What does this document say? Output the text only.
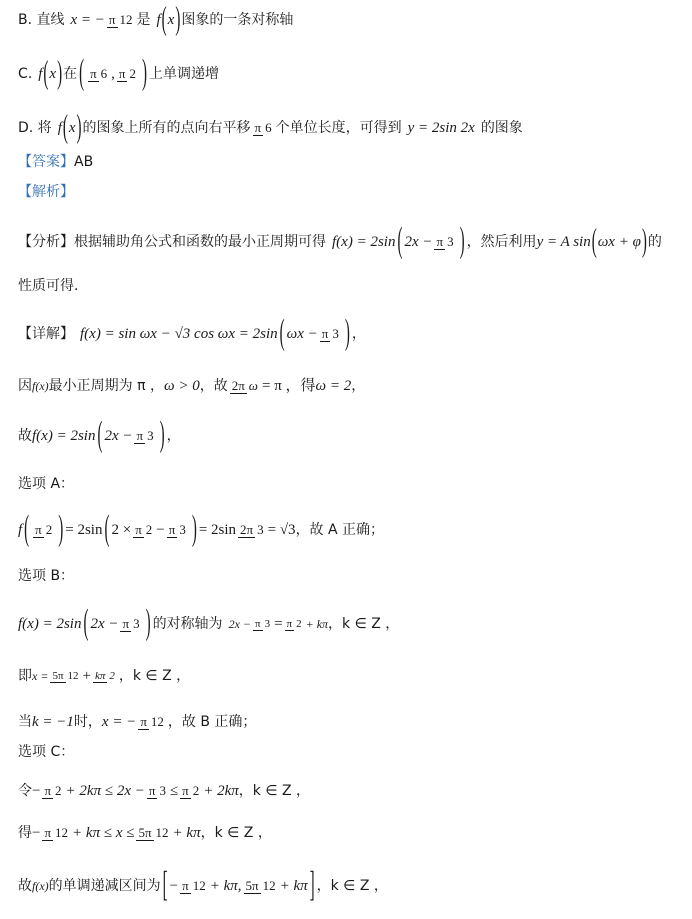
B. 直线 x = − π 12 是 f ( x ) 图象的一条对称轴
C. f ( x ) 在 ( π 6 , π 2 ) 上单调递增
D. 将 f ( x ) 的图象上所有的点向右平移 π 6 个单位长度，可得到 y = 2sin 2x 的图象
【答案】 AB
【解析】
【分析】 根据辅助角公式和函数的最小正周期可得 f(x) = 2sin ( 2x − π 3 ) ，然后利用 y = A sin ( ωx + φ ) 的
性质可得.
【详解】 f(x) = sin ωx − √3 cos ωx = 2sin ( ωx − π 3 ) ，
因 f(x) 最小正周期为 π ， ω > 0 ，故 2π ω = π ，得 ω = 2 ，
故 f(x) = 2sin ( 2x − π 3 ) ，
选项 A：
f ( π 2 ) = 2sin ( 2 × π 2 − π 3 ) = 2sin 2π 3 = √3 ，故 A 正确；
选项 B：
f(x) = 2sin ( 2x − π 3 ) 的对称轴为 2x − π 3 = π 2 + kπ ，k ∈ Z ，
即 x = 5π 12 + kπ 2 ，k ∈ Z ，
当 k = −1 时， x = − π 12 ，故 B 正确；
选项 C：
令 − π 2 + 2kπ ≤ 2x − π 3 ≤ π 2 + 2kπ ，k ∈ Z ，
得 − π 12 + kπ ≤ x ≤ 5π 12 + kπ ，k ∈ Z ，
故 f(x) 的单调递减区间为 [ − π 12 + kπ, 5π 12 + kπ ] ，k ∈ Z ，
